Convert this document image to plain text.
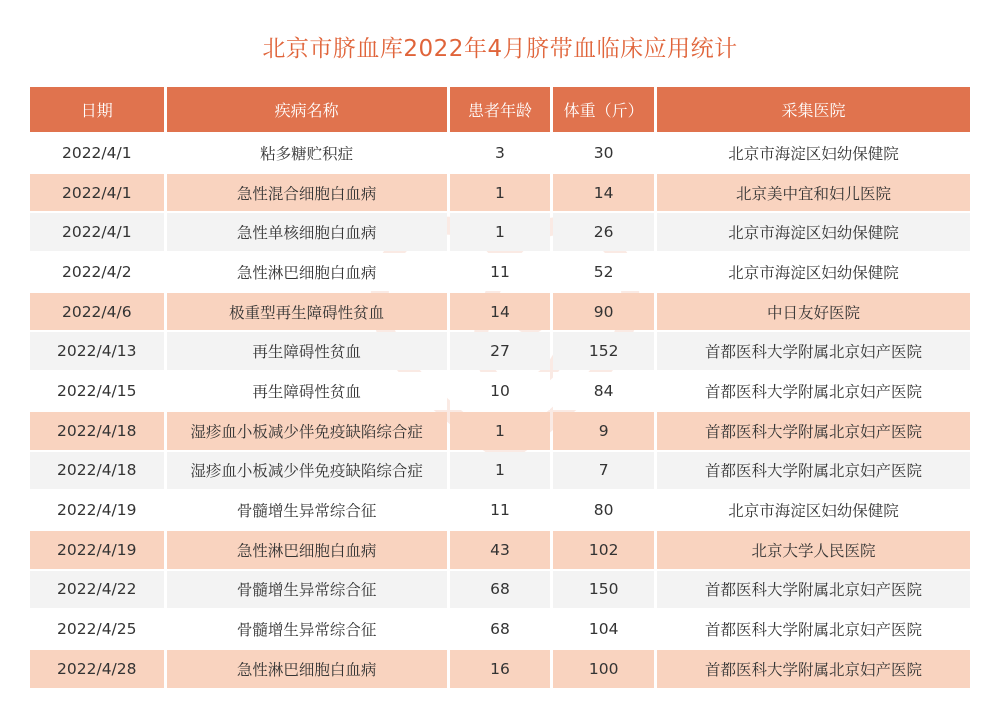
北京市脐血库2022年4月脐带血临床应用统计
日期	疾病名称	患者年龄	体重（斤）	采集医院
2022/4/1	粘多糖贮积症	3	30	北京市海淀区妇幼保健院
2022/4/1	急性混合细胞白血病	1	14	北京美中宜和妇儿医院
2022/4/1	急性单核细胞白血病	1	26	北京市海淀区妇幼保健院
2022/4/2	急性淋巴细胞白血病	11	52	北京市海淀区妇幼保健院
2022/4/6	极重型再生障碍性贫血	14	90	中日友好医院
2022/4/13	再生障碍性贫血	27	152	首都医科大学附属北京妇产医院
2022/4/15	再生障碍性贫血	10	84	首都医科大学附属北京妇产医院
2022/4/18	湿疹血小板减少伴免疫缺陷综合症	1	9	首都医科大学附属北京妇产医院
2022/4/18	湿疹血小板减少伴免疫缺陷综合症	1	7	首都医科大学附属北京妇产医院
2022/4/19	骨髓增生异常综合征	11	80	北京市海淀区妇幼保健院
2022/4/19	急性淋巴细胞白血病	43	102	北京大学人民医院
2022/4/22	骨髓增生异常综合征	68	150	首都医科大学附属北京妇产医院
2022/4/25	骨髓增生异常综合征	68	104	首都医科大学附属北京妇产医院
2022/4/28	急性淋巴细胞白血病	16	100	首都医科大学附属北京妇产医院
